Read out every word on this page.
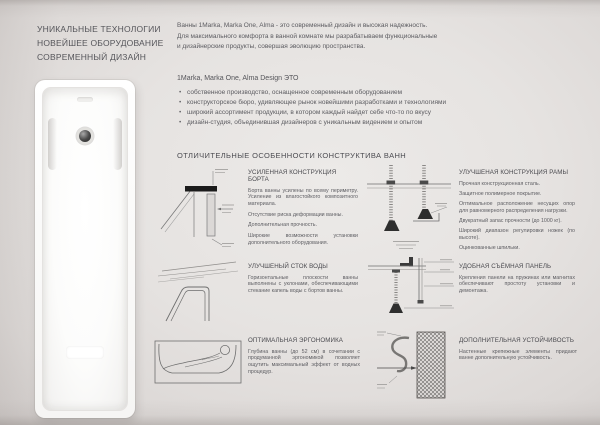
УНИКАЛЬНЫЕ ТЕХНОЛОГИИ
НОВЕЙШЕЕ ОБОРУДОВАНИЕ
СОВРЕМЕННЫЙ ДИЗАЙН
Ванны 1Marka, Marka One, Alma - это современный дизайн и высокая надежность.
Для максимального комфорта в ванной комнате мы разрабатываем функциональные
и дизайнерские продукты, совершая эволюцию пространства.
1Marka, Marka One, Alma Design ЭТО
• собственное производство, оснащенное современным оборудованием
• конструкторское бюро, удивляющее рынок новейшими разработками и технологиями
• широкий ассортимент продукции, в котором каждый найдет себе что-то по вкусу
• дизайн-студия, объединившая дизайнеров с уникальным видением и опытом
ОТЛИЧИТЕЛЬНЫЕ ОСОБЕННОСТИ КОНСТРУКТИВА ВАНН
УСИЛЕННАЯ КОНСТРУКЦИЯ БОРТА

Борта ванны усилены по всему периметру. Усиление из влагостойкого композитного материала.

Отсутствие риска деформации ванны.

Дополнительная прочность.

Широкие возможности установки дополнительного оборудования.

УЛУЧШЕНЫЙ СТОК ВОДЫ

Горизонтальные плоскости ванны выполнены с уклонами, обеспечивающими стекание капель воды с бортов ванны.

ОПТИМАЛЬНАЯ ЭРГОНОМИКА

Глубина ванны (до 52 см) в сочетании с продуманной эргономикой позволяет ощутить максимальный эффект от водных процедур.

УЛУЧШЕНАЯ КОНСТРУКЦИЯ РАМЫ

Прочная конструкционная сталь.

Защитное полимерное покрытие.

Оптимальное расположение несущих опор для равномерного распределения нагрузки.

Двукратный запас прочности (до 1000 кг).

Широкий диапазон регулировки ножек (по высоте).

Оцинкованные шпильки.

УДОБНАЯ СЪЁМНАЯ ПАНЕЛЬ

Крепления панели на пружинах или магнитах обеспечивают простоту установки и демонтажа.

ДОПОЛНИТЕЛЬНАЯ УСТОЙЧИВОСТЬ

Настенные крепежные элементы придают ванне дополнительную устойчивость.
